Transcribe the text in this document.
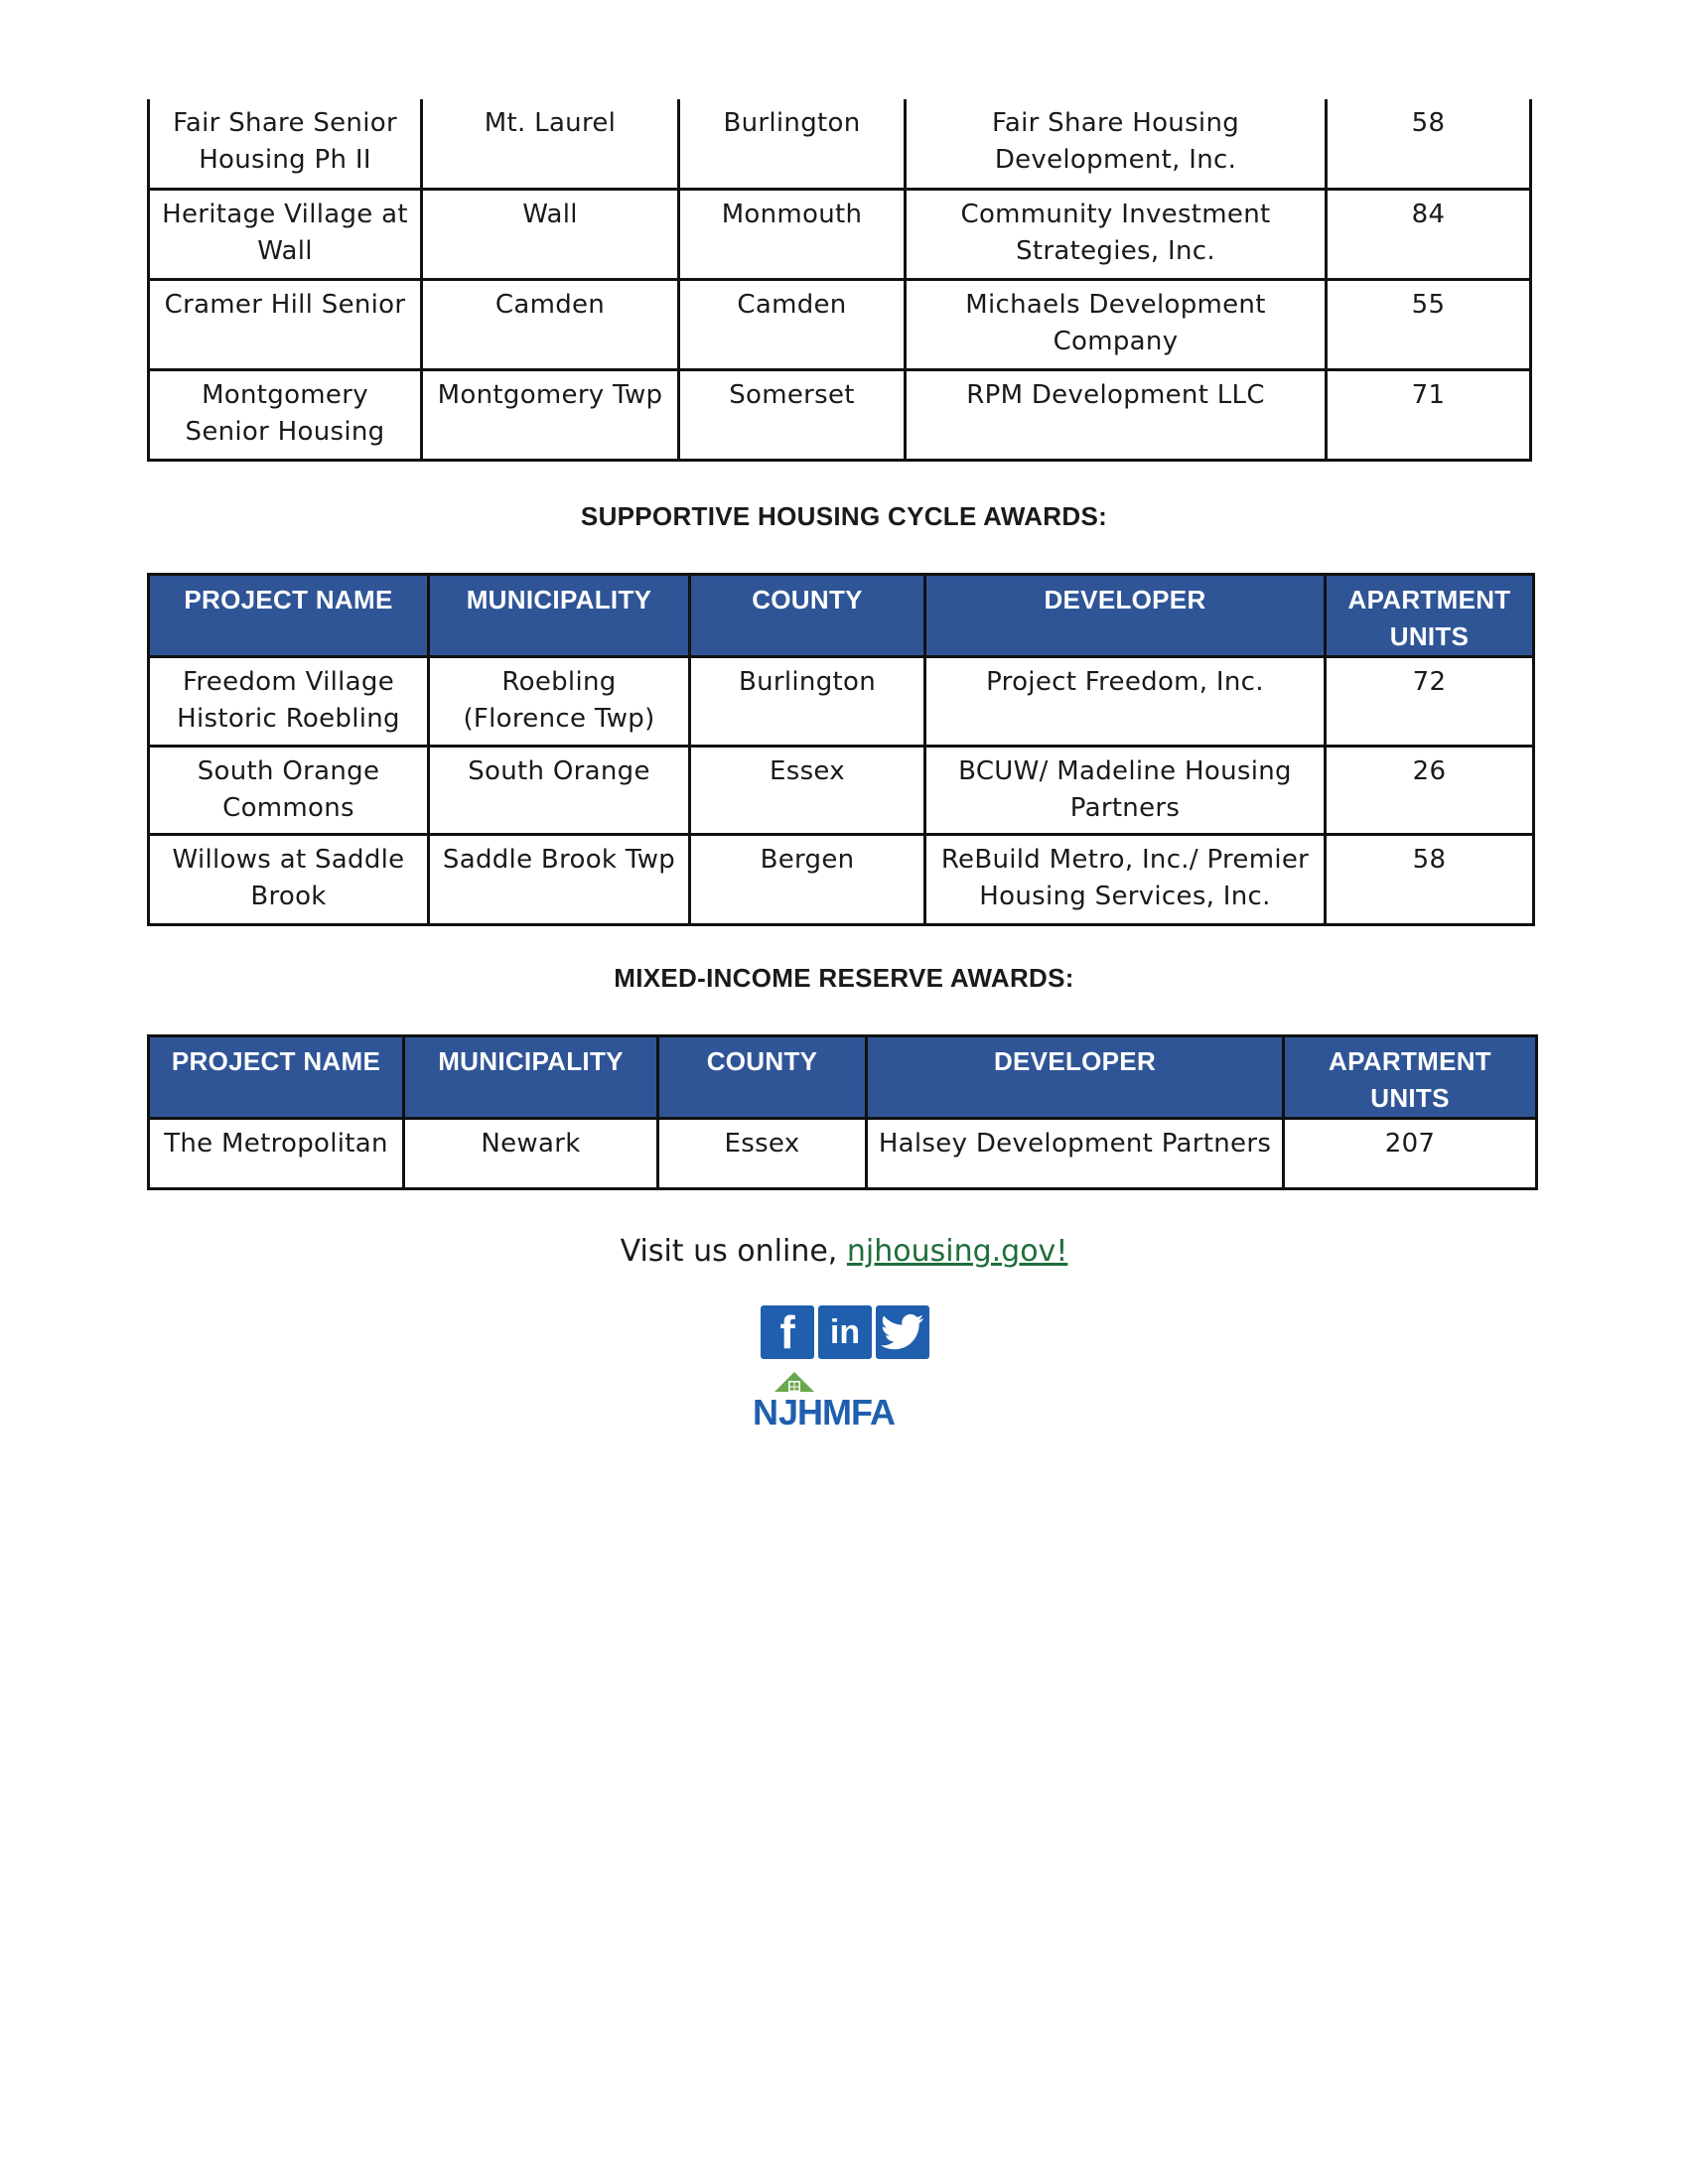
Fair Share Senior Housing Ph II	Mt. Laurel	Burlington	Fair Share Housing Development, Inc.	58
Heritage Village at Wall	Wall	Monmouth	Community Investment Strategies, Inc.	84
Cramer Hill Senior	Camden	Camden	Michaels Development Company	55
Montgomery Senior Housing	Montgomery Twp	Somerset	RPM Development LLC	71
SUPPORTIVE HOUSING CYCLE AWARDS:
PROJECT NAME	MUNICIPALITY	COUNTY	DEVELOPER	APARTMENT UNITS
Freedom Village Historic Roebling	Roebling (Florence Twp)	Burlington	Project Freedom, Inc.	72
South Orange Commons	South Orange	Essex	BCUW/ Madeline Housing Partners	26
Willows at Saddle Brook	Saddle Brook Twp	Bergen	ReBuild Metro, Inc./ Premier Housing Services, Inc.	58
MIXED-INCOME RESERVE AWARDS:
PROJECT NAME	MUNICIPALITY	COUNTY	DEVELOPER	APARTMENT UNITS
The Metropolitan	Newark	Essex	Halsey Development Partners	207
Visit us online, njhousing.gov!
f	in
N JHMFA
